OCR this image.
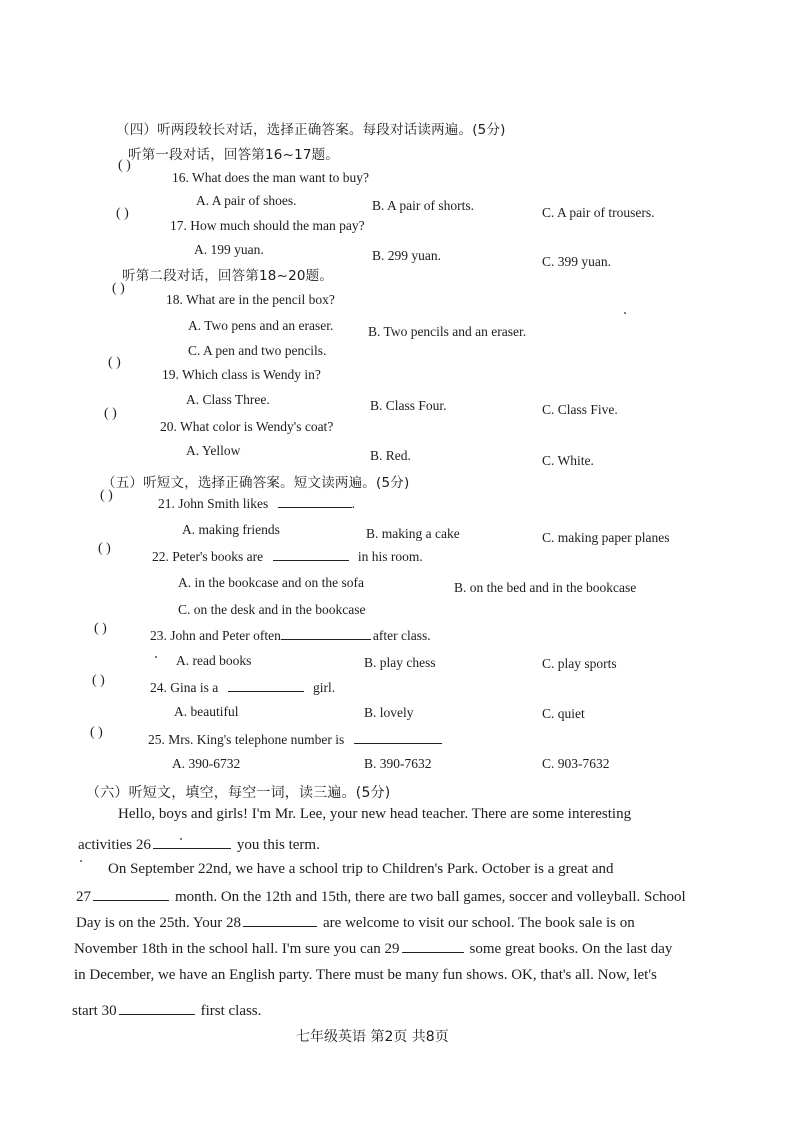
（四）听两段较长对话，选择正确答案。每段对话读两遍。(5分)
听第一段对话，回答第16~17题。
( )
16. What does the man want to buy?
A. A pair of shoes.	B. A pair of shorts.	C. A pair of trousers.
( )
17. How much should the man pay?
A. 199 yuan.	B. 299 yuan.	C. 399 yuan.
听第二段对话，回答第18~20题。
( )
18. What are in the pencil box?
A. Two pens and an eraser.	B. Two pencils and an eraser.
C. A pen and two pencils.
( )
19. Which class is Wendy in?
A. Class Three.	B. Class Four.	C. Class Five.
( )
20. What color is Wendy's coat?
A. Yellow	B. Red.	C. White.
（五）听短文，选择正确答案。短文读两遍。(5分)
( )
21. John Smith likes	.
A. making friends	B. making a cake	C. making paper planes
( )
22. Peter's books are	in his room.
A. in the bookcase and on the sofa	B. on the bed and in the bookcase
C. on the desk and in the bookcase
( )	23. John and Peter often	after class.
A. read books	B. play chess	C. play sports
( )	24. Gina is a	girl.
A. beautiful	B. lovely	C. quiet
( )	25. Mrs. King's telephone number is
A. 390-6732	B. 390-7632	C. 903-7632
（六）听短文，填空，每空一词，读三遍。(5分)
Hello, boys and girls! I'm Mr. Lee, your new head teacher. There are some interesting
activities 26	you this term.
On September 22nd, we have a school trip to Children's Park. October is a great and
27	month. On the 12th and 15th, there are two ball games, soccer and volleyball. School
Day is on the 25th. Your 28	are welcome to visit our school. The book sale is on
November 18th in the school hall. I'm sure you can 29	some great books. On the last day
in December, we have an English party. There must be many fun shows. OK, that's all. Now, let's
start 30	first class.
七年级英语 第2页 共8页
